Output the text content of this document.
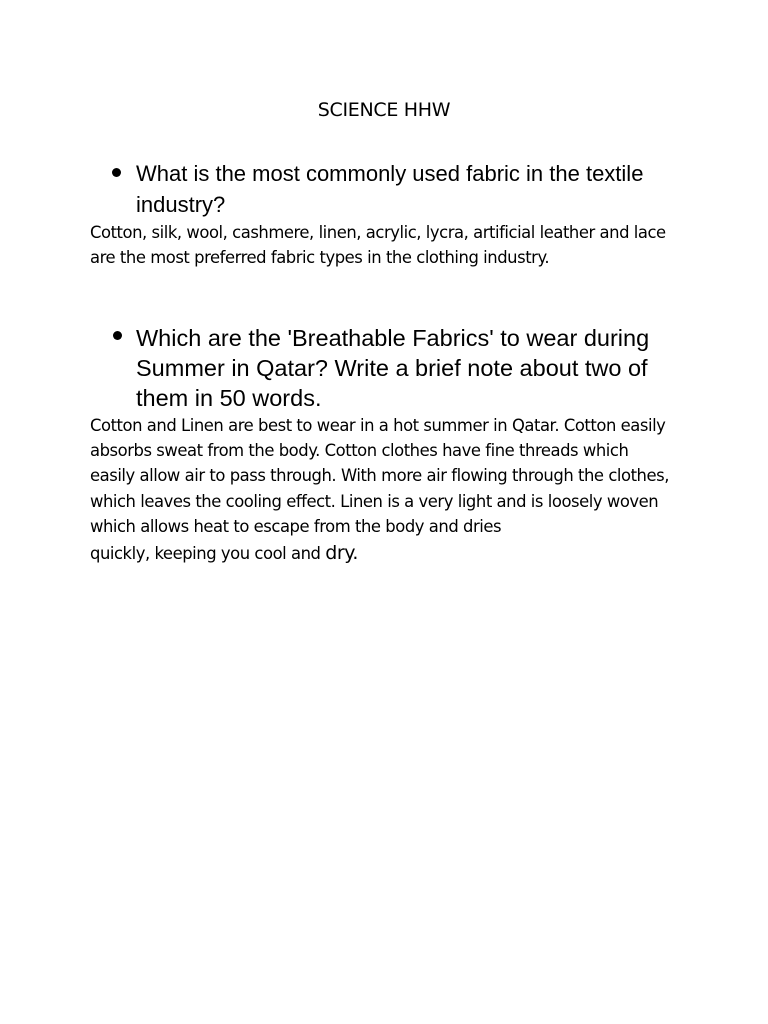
SCIENCE HHW

What is the most commonly used fabric in the textile industry?

Cotton, silk, wool, cashmere, linen, acrylic, lycra, artificial leather and lace are the most preferred fabric types in the clothing industry.

Which are the 'Breathable Fabrics' to wear during Summer in Qatar? Write a brief note about two of them in 50 words.

Cotton and Linen are best to wear in a hot summer in Qatar. Cotton easily absorbs sweat from the body. Cotton clothes have fine threads which easily allow air to pass through. With more air flowing through the clothes, which leaves the cooling effect. Linen is a very light and is loosely woven which allows heat to escape from the body and dries

quickly, keeping you cool and dry.
